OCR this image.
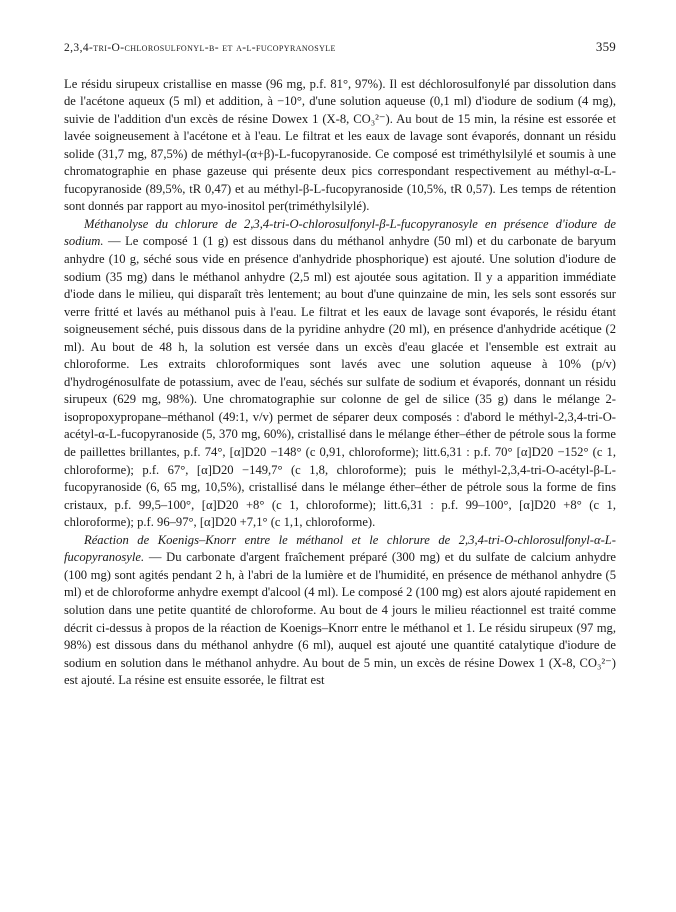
2,3,4-tri-O-chlorosulfonyl-β- et α-l-fucopyranosyle	359

Le résidu sirupeux cristallise en masse (96 mg, p.f. 81°, 97%). Il est déchlorosulfonylé par dissolution dans de l'acétone aqueux (5 ml) et addition, à −10°, d'une solution aqueuse (0,1 ml) d'iodure de sodium (4 mg), suivie de l'addition d'un excès de résine Dowex 1 (X-8, CO₃²⁻). Au bout de 15 min, la résine est essorée et lavée soigneusement à l'acétone et à l'eau. Le filtrat et les eaux de lavage sont évaporés, donnant un résidu solide (31,7 mg, 87,5%) de méthyl-(α+β)-L-fucopyranoside. Ce composé est triméthylsilylé et soumis à une chromatographie en phase gazeuse qui présente deux pics correspondant respectivement au méthyl-α-L-fucopyranoside (89,5%, tR 0,47) et au méthyl-β-L-fucopyranoside (10,5%, tR 0,57). Les temps de rétention sont donnés par rapport au myo-inositol per(triméthylsilylé).

Méthanolyse du chlorure de 2,3,4-tri-O-chlorosulfonyl-β-L-fucopyranosyle en présence d'iodure de sodium. — Le composé 1 (1 g) est dissous dans du méthanol anhydre (50 ml) et du carbonate de baryum anhydre (10 g, séché sous vide en présence d'anhydride phosphorique) est ajouté. Une solution d'iodure de sodium (35 mg) dans le méthanol anhydre (2,5 ml) est ajoutée sous agitation. Il y a apparition immédiate d'iode dans le milieu, qui disparaît très lentement; au bout d'une quinzaine de min, les sels sont essorés sur verre fritté et lavés au méthanol puis à l'eau. Le filtrat et les eaux de lavage sont évaporés, le résidu étant soigneusement séché, puis dissous dans de la pyridine anhydre (20 ml), en présence d'anhydride acétique (2 ml). Au bout de 48 h, la solution est versée dans un excès d'eau glacée et l'ensemble est extrait au chloroforme. Les extraits chloroformiques sont lavés avec une solution aqueuse à 10% (p/v) d'hydrogénosulfate de potassium, avec de l'eau, séchés sur sulfate de sodium et évaporés, donnant un résidu sirupeux (629 mg, 98%). Une chromatographie sur colonne de gel de silice (35 g) dans le mélange 2-isopropoxypropane–méthanol (49:1, v/v) permet de séparer deux composés : d'abord le méthyl-2,3,4-tri-O-acétyl-α-L-fucopyranoside (5, 370 mg, 60%), cristallisé dans le mélange éther–éther de pétrole sous la forme de paillettes brillantes, p.f. 74°, [α]D20 −148° (c 0,91, chloroforme); litt.6,31 : p.f. 70° [α]D20 −152° (c 1, chloroforme); p.f. 67°, [α]D20 −149,7° (c 1,8, chloroforme); puis le méthyl-2,3,4-tri-O-acétyl-β-L-fucopyranoside (6, 65 mg, 10,5%), cristallisé dans le mélange éther–éther de pétrole sous la forme de fins cristaux, p.f. 99,5–100°, [α]D20 +8° (c 1, chloroforme); litt.6,31 : p.f. 99–100°, [α]D20 +8° (c 1, chloroforme); p.f. 96–97°, [α]D20 +7,1° (c 1,1, chloroforme).

Réaction de Koenigs–Knorr entre le méthanol et le chlorure de 2,3,4-tri-O-chlorosulfonyl-α-L-fucopyranosyle. — Du carbonate d'argent fraîchement préparé (300 mg) et du sulfate de calcium anhydre (100 mg) sont agités pendant 2 h, à l'abri de la lumière et de l'humidité, en présence de méthanol anhydre (5 ml) et de chloroforme anhydre exempt d'alcool (4 ml). Le composé 2 (100 mg) est alors ajouté rapidement en solution dans une petite quantité de chloroforme. Au bout de 4 jours le milieu réactionnel est traité comme décrit ci-dessus à propos de la réaction de Koenigs–Knorr entre le méthanol et 1. Le résidu sirupeux (97 mg, 98%) est dissous dans du méthanol anhydre (6 ml), auquel est ajouté une quantité catalytique d'iodure de sodium en solution dans le méthanol anhydre. Au bout de 5 min, un excès de résine Dowex 1 (X-8, CO₃²⁻) est ajouté. La résine est ensuite essorée, le filtrat est
